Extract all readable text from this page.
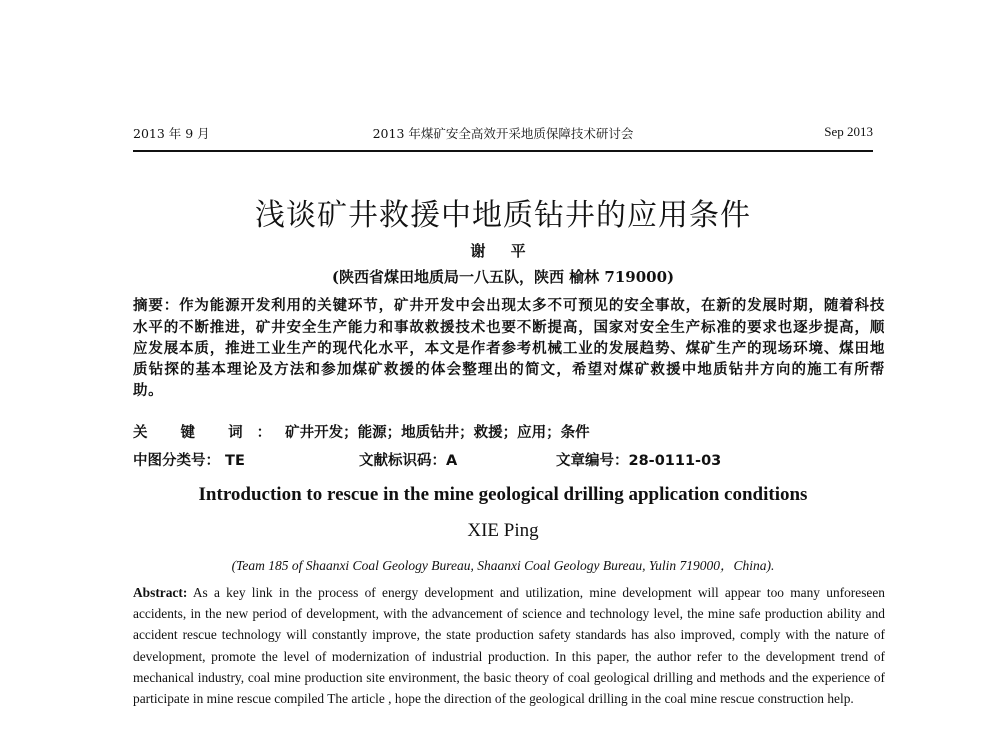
2013 年 9 月	2013 年煤矿安全高效开采地质保障技术研讨会	Sep 2013
浅谈矿井救援中地质钻井的应用条件
谢 平
(陕西省煤田地质局一八五队，陕西 榆林 719000)
摘要：作为能源开发利用的关键环节，矿井开发中会出现太多不可预见的安全事故，在新的发展时期，随着科技水平的不断推进，矿井安全生产能力和事故救援技术也要不断提高，国家对安全生产标准的要求也逐步提高，顺应发展本质，推进工业生产的现代化水平，本文是作者参考机械工业的发展趋势、煤矿生产的现场环境、煤田地质钻探的基本理论及方法和参加煤矿救援的体会整理出的简文，希望对煤矿救援中地质钻井方向的施工有所帮助。
关 键 词：矿井开发；能源；地质钻井；救援；应用；条件
中图分类号： TE	文献标识码：A	文章编号：28-0111-03
Introduction to rescue in the mine geological drilling application conditions
XIE Ping
(Team 185 of Shaanxi Coal Geology Bureau, Shaanxi Coal Geology Bureau, Yulin 719000，China).
Abstract: As a key link in the process of energy development and utilization, mine development will appear too many unforeseen accidents, in the new period of development, with the advancement of science and technology level, the mine safe production ability and accident rescue technology will constantly improve, the state production safety standards has also improved, comply with the nature of development, promote the level of modernization of industrial production. In this paper, the author refer to the development trend of mechanical industry, coal mine production site environment, the basic theory of coal geological drilling and methods and the experience of participate in mine rescue compiled The article , hope the direction of the geological drilling in the coal mine rescue construction help.
